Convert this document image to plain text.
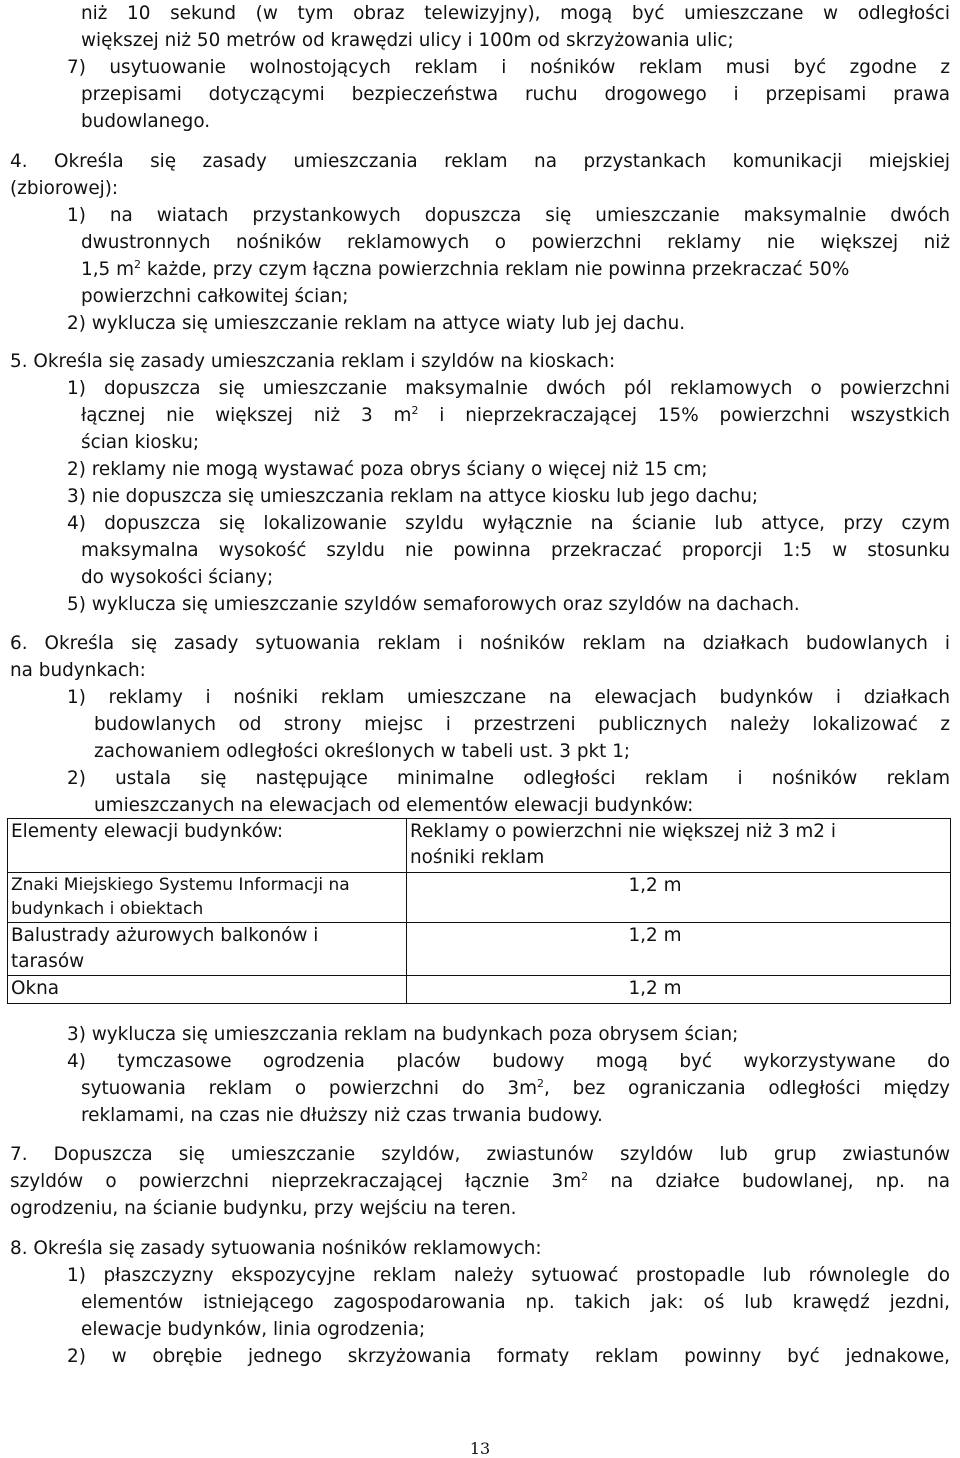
niż 10 sekund (w tym obraz telewizyjny), mogą być umieszczane w odległości
większej niż 50 metrów od krawędzi ulicy i 100m od skrzyżowania ulic;
7) usytuowanie wolnostojących reklam i nośników reklam musi być zgodne z
przepisami dotyczącymi bezpieczeństwa ruchu drogowego i przepisami prawa
budowlanego.
4. Określa się zasady umieszczania reklam na przystankach komunikacji miejskiej
(zbiorowej):
1) na wiatach przystankowych dopuszcza się umieszczanie maksymalnie dwóch
dwustronnych nośników reklamowych o powierzchni reklamy nie większej niż
1,5 $m^2$ każde, przy czym łączna powierzchnia reklam nie powinna przekraczać 50%
powierzchni całkowitej ścian;
2) wyklucza się umieszczanie reklam na attyce wiaty lub jej dachu.
5. Określa się zasady umieszczania reklam i szyldów na kioskach:
1) dopuszcza się umieszczanie maksymalnie dwóch pól reklamowych o powierzchni
łącznej nie większej niż 3 $m^2$ i nieprzekraczającej 15% powierzchni wszystkich
ścian kiosku;
2) reklamy nie mogą wystawać poza obrys ściany o więcej niż 15 cm;
3) nie dopuszcza się umieszczania reklam na attyce kiosku lub jego dachu;
4) dopuszcza się lokalizowanie szyldu wyłącznie na ścianie lub attyce, przy czym
maksymalna wysokość szyldu nie powinna przekraczać proporcji 1:5 w stosunku
do wysokości ściany;
5) wyklucza się umieszczanie szyldów semaforowych oraz szyldów na dachach.
6. Określa się zasady sytuowania reklam i nośników reklam na działkach budowlanych i
na budynkach:
1) reklamy i nośniki reklam umieszczane na elewacjach budynków i działkach
budowlanych od strony miejsc i przestrzeni publicznych należy lokalizować z
zachowaniem odległości określonych w tabeli ust. 3 pkt 1;
2) ustala się następujące minimalne odległości reklam i nośników reklam
umieszczanych na elewacjach od elementów elewacji budynków:
Elementy elewacji budynków:	Reklamy o powierzchni nie większej niż 3 m2 i
nośniki reklam
Znaki Miejskiego Systemu Informacji na
budynkach i obiektach	1,2 m
Balustrady ażurowych balkonów i
tarasów	1,2 m
Okna	1,2 m
3) wyklucza się umieszczania reklam na budynkach poza obrysem ścian;
4) tymczasowe ogrodzenia placów budowy mogą być wykorzystywane do
sytuowania reklam o powierzchni do $3m^2$, bez ograniczania odległości między
reklamami, na czas nie dłuższy niż czas trwania budowy.
7. Dopuszcza się umieszczanie szyldów, zwiastunów szyldów lub grup zwiastunów
szyldów o powierzchni nieprzekraczającej łącznie $3m^2$ na działce budowlanej, np. na
ogrodzeniu, na ścianie budynku, przy wejściu na teren.
8. Określa się zasady sytuowania nośników reklamowych:
1) płaszczyzny ekspozycyjne reklam należy sytuować prostopadle lub równolegle do
elementów istniejącego zagospodarowania np. takich jak: oś lub krawędź jezdni,
elewacje budynków, linia ogrodzenia;
2) w obrębie jednego skrzyżowania formaty reklam powinny być jednakowe,
13
